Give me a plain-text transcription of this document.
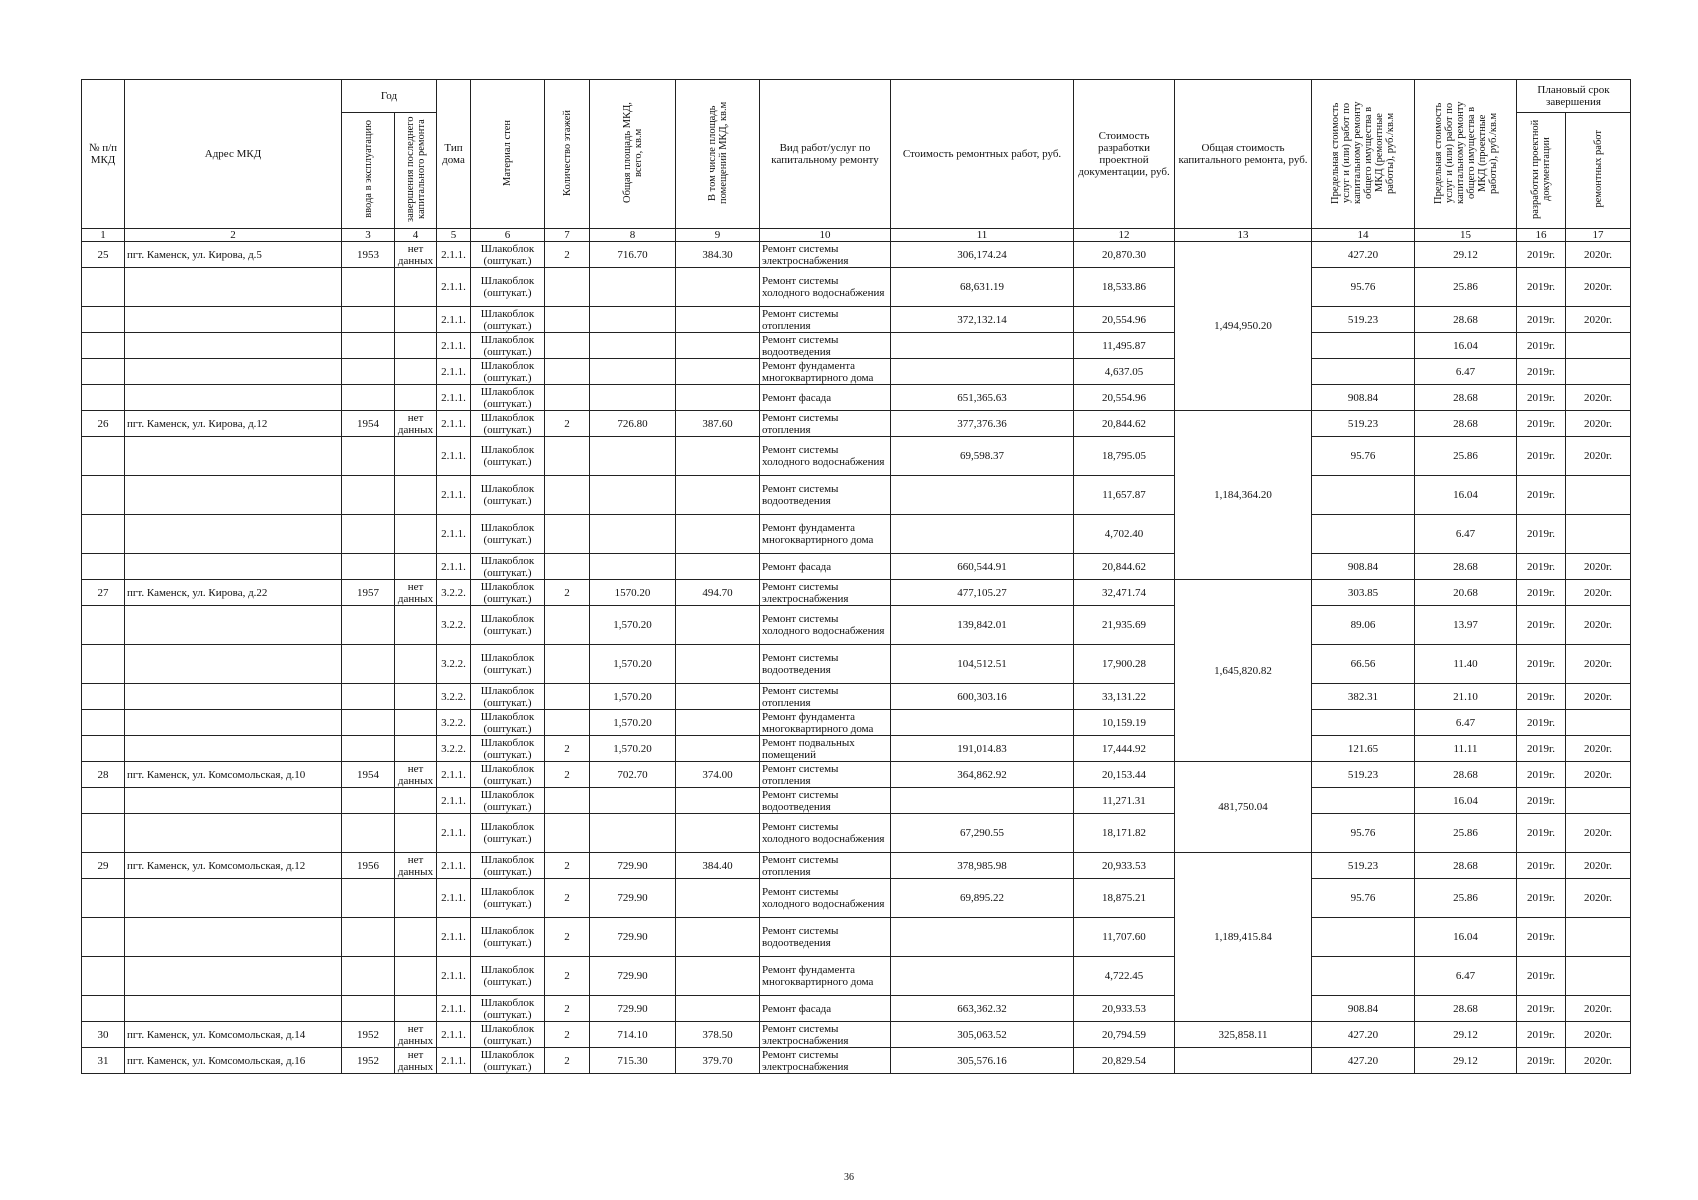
№ п/п МКД	Адрес МКД	Год		Тип дома	Материал стен	Количество этажей	Общая площадь МКД, всего, кв.м	В том числе площадь помещений МКД, кв.м	Вид работ/услуг по капитальному ремонту	Стоимость ремонтных работ, руб.	Стоимость разработки проектной документации, руб.	Общая стоимость капитального ремонта, руб.	Предельная стоимость услуг и (или) работ по капитальному ремонту общего имущества в МКД (ремонтные работы), руб./кв.м	Предельная стоимость услуг и (или) работ по капитальному ремонту общего имущества в МКД (проектные работы), руб./кв.м	Плановый срок завершения	
		ввода в эксплуатацию	завершения последнего капитального ремонта												разработки проектной документации	ремонтных работ
1	2	3	4	5	6	7	8	9	10	11	12	13	14	15	16	17
25	пгт. Каменск, ул. Кирова, д.5	1953	нет данных	2.1.1.	Шлакоблок (оштукат.)	2	716.70	384.30	Ремонт системы электроснабжения	306,174.24	20,870.30	1,494,950.20	427.20	29.12	2019г.	2020г.
				2.1.1.	Шлакоблок (оштукат.)				Ремонт системы холодного водоснабжения	68,631.19	18,533.86		95.76	25.86	2019г.	2020г.
				2.1.1.	Шлакоблок (оштукат.)				Ремонт системы отопления	372,132.14	20,554.96		519.23	28.68	2019г.	2020г.
				2.1.1.	Шлакоблок (оштукат.)				Ремонт системы водоотведения		11,495.87			16.04	2019г.	
				2.1.1.	Шлакоблок (оштукат.)				Ремонт фундамента многоквартирного дома		4,637.05			6.47	2019г.	
				2.1.1.	Шлакоблок (оштукат.)				Ремонт фасада	651,365.63	20,554.96		908.84	28.68	2019г.	2020г.
26	пгт. Каменск, ул. Кирова, д.12	1954	нет данных	2.1.1.	Шлакоблок (оштукат.)	2	726.80	387.60	Ремонт системы отопления	377,376.36	20,844.62	1,184,364.20	519.23	28.68	2019г.	2020г.
				2.1.1.	Шлакоблок (оштукат.)				Ремонт системы холодного водоснабжения	69,598.37	18,795.05		95.76	25.86	2019г.	2020г.
				2.1.1.	Шлакоблок (оштукат.)				Ремонт системы водоотведения		11,657.87			16.04	2019г.	
				2.1.1.	Шлакоблок (оштукат.)				Ремонт фундамента многоквартирного дома		4,702.40			6.47	2019г.	
				2.1.1.	Шлакоблок (оштукат.)				Ремонт фасада	660,544.91	20,844.62		908.84	28.68	2019г.	2020г.
27	пгт. Каменск, ул. Кирова, д.22	1957	нет данных	3.2.2.	Шлакоблок (оштукат.)	2	1570.20	494.70	Ремонт системы электроснабжения	477,105.27	32,471.74	1,645,820.82	303.85	20.68	2019г.	2020г.
				3.2.2.	Шлакоблок (оштукат.)		1,570.20		Ремонт системы холодного водоснабжения	139,842.01	21,935.69		89.06	13.97	2019г.	2020г.
				3.2.2.	Шлакоблок (оштукат.)		1,570.20		Ремонт системы водоотведения	104,512.51	17,900.28		66.56	11.40	2019г.	2020г.
				3.2.2.	Шлакоблок (оштукат.)		1,570.20		Ремонт системы отопления	600,303.16	33,131.22		382.31	21.10	2019г.	2020г.
				3.2.2.	Шлакоблок (оштукат.)		1,570.20		Ремонт фундамента многоквартирного дома		10,159.19			6.47	2019г.	
				3.2.2.	Шлакоблок (оштукат.)	2	1,570.20		Ремонт подвальных помещений	191,014.83	17,444.92		121.65	11.11	2019г.	2020г.
28	пгт. Каменск, ул. Комсомольская, д.10	1954	нет данных	2.1.1.	Шлакоблок (оштукат.)	2	702.70	374.00	Ремонт системы отопления	364,862.92	20,153.44	481,750.04	519.23	28.68	2019г.	2020г.
				2.1.1.	Шлакоблок (оштукат.)				Ремонт системы водоотведения		11,271.31			16.04	2019г.	
				2.1.1.	Шлакоблок (оштукат.)				Ремонт системы холодного водоснабжения	67,290.55	18,171.82		95.76	25.86	2019г.	2020г.
29	пгт. Каменск, ул. Комсомольская, д.12	1956	нет данных	2.1.1.	Шлакоблок (оштукат.)	2	729.90	384.40	Ремонт системы отопления	378,985.98	20,933.53	1,189,415.84	519.23	28.68	2019г.	2020г.
				2.1.1.	Шлакоблок (оштукат.)	2	729.90		Ремонт системы холодного водоснабжения	69,895.22	18,875.21		95.76	25.86	2019г.	2020г.
				2.1.1.	Шлакоблок (оштукат.)	2	729.90		Ремонт системы водоотведения		11,707.60			16.04	2019г.	
				2.1.1.	Шлакоблок (оштукат.)	2	729.90		Ремонт фундамента многоквартирного дома		4,722.45			6.47	2019г.	
				2.1.1.	Шлакоблок (оштукат.)	2	729.90		Ремонт фасада	663,362.32	20,933.53		908.84	28.68	2019г.	2020г.
30	пгт. Каменск, ул. Комсомольская, д.14	1952	нет данных	2.1.1.	Шлакоблок (оштукат.)	2	714.10	378.50	Ремонт системы электроснабжения	305,063.52	20,794.59	325,858.11	427.20	29.12	2019г.	2020г.
31	пгт. Каменск, ул. Комсомольская, д.16	1952	нет данных	2.1.1.	Шлакоблок (оштукат.)	2	715.30	379.70	Ремонт системы электроснабжения	305,576.16	20,829.54		427.20	29.12	2019г.	2020г.
36
